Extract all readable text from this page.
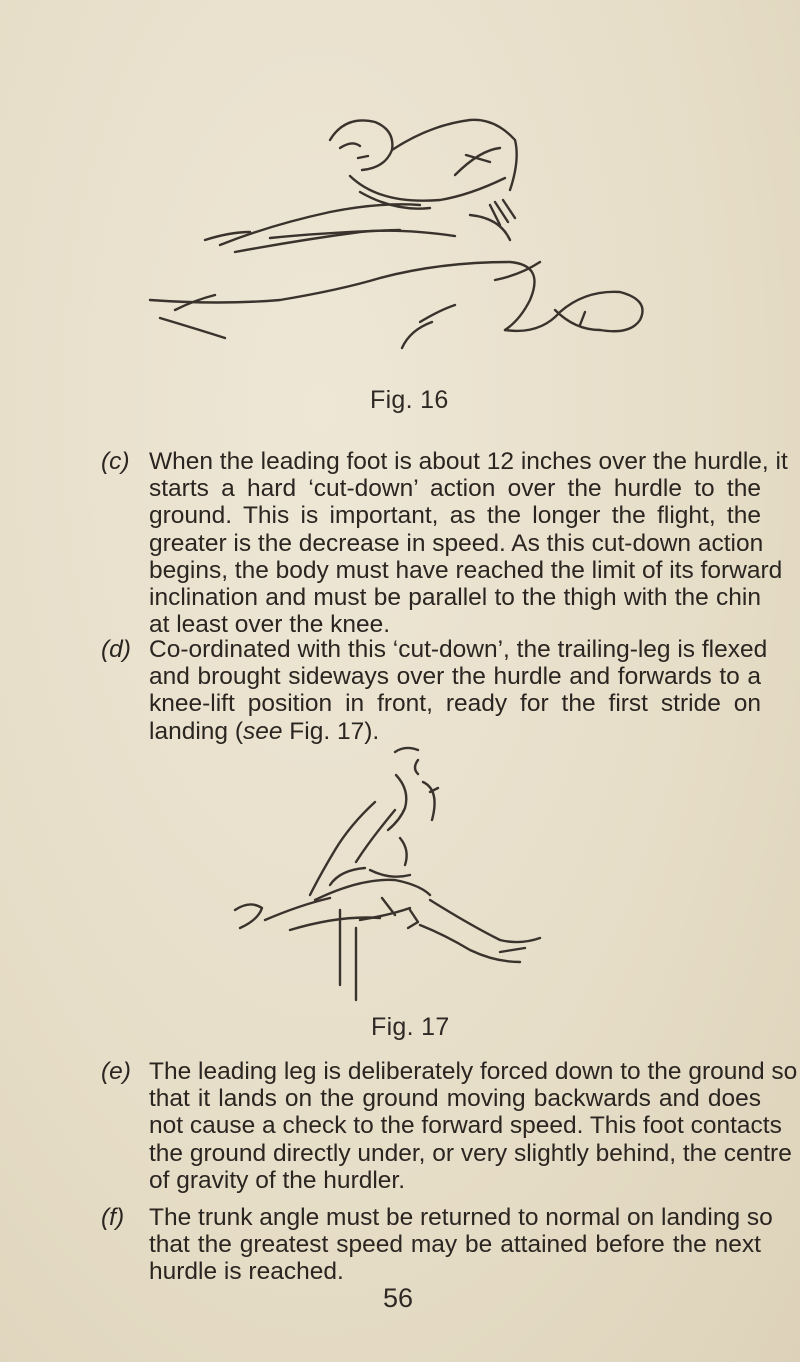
Fig. 16
(c) When the leading foot is about 12 inches over the hurdle, it
starts a hard ‘cut-down’ action over the hurdle to the
ground. This is important, as the longer the flight, the
greater is the decrease in speed. As this cut-down action
begins, the body must have reached the limit of its forward
inclination and must be parallel to the thigh with the chin
at least over the knee.
(d) Co-ordinated with this ‘cut-down’, the trailing-leg is flexed
and brought sideways over the hurdle and forwards to a
knee-lift position in front, ready for the first stride on
landing (see Fig. 17).
Fig. 17
(e) The leading leg is deliberately forced down to the ground so
that it lands on the ground moving backwards and does
not cause a check to the forward speed. This foot contacts
the ground directly under, or very slightly behind, the centre
of gravity of the hurdler.
(f)	The trunk angle must be returned to normal on landing so
that the greatest speed may be attained before the next
hurdle is reached.
56
